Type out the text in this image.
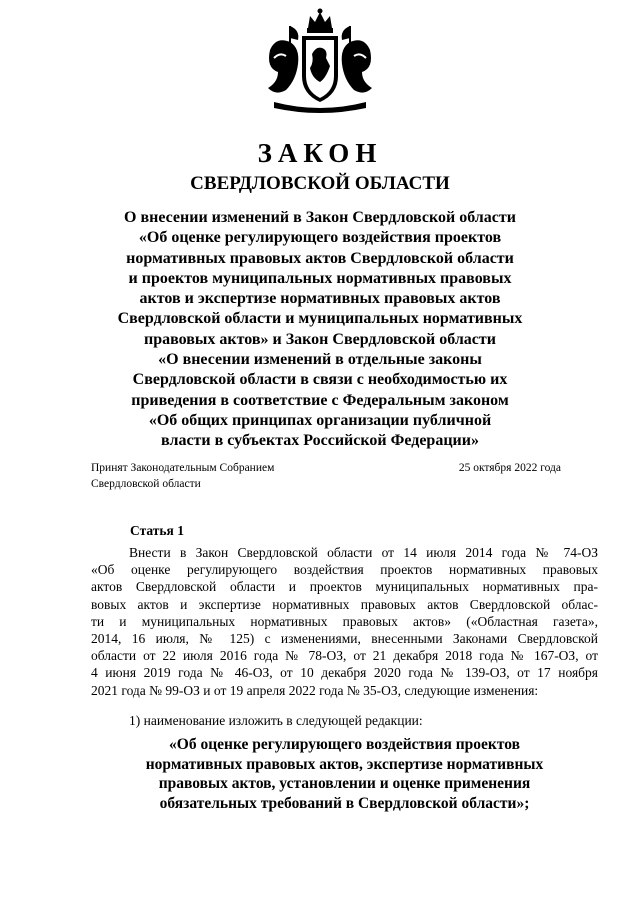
ЗАКОН
СВЕРДЛОВСКОЙ ОБЛАСТИ
О внесении изменений в Закон Свердловской области
«Об оценке регулирующего воздействия проектов
нормативных правовых актов Свердловской области
и проектов муниципальных нормативных правовых
актов и экспертизе нормативных правовых актов
Свердловской области и муниципальных нормативных
правовых актов» и Закон Свердловской области
«О внесении изменений в отдельные законы
Свердловской области в связи с необходимостью их
приведения в соответствие с Федеральным законом
«Об общих принципах организации публичной
власти в субъектах Российской Федерации»
Принят Законодательным Собранием
Свердловской области
25 октября 2022 года
Статья 1
Внести в Закон Свердловской области от 14 июля 2014 года № 74-ОЗ
«Об оценке регулирующего воздействия проектов нормативных правовых
актов Свердловской области и проектов муниципальных нормативных пра-
вовых актов и экспертизе нормативных правовых актов Свердловской облас-
ти и муниципальных нормативных правовых актов» («Областная газета»,
2014, 16 июля, № 125) с изменениями, внесенными Законами Свердловской
области от 22 июля 2016 года № 78-ОЗ, от 21 декабря 2018 года № 167-ОЗ, от
4 июня 2019 года № 46-ОЗ, от 10 декабря 2020 года № 139-ОЗ, от 17 ноября
2021 года № 99-ОЗ и от 19 апреля 2022 года № 35-ОЗ, следующие изменения:
1) наименование изложить в следующей редакции:
«Об оценке регулирующего воздействия проектов
нормативных правовых актов, экспертизе нормативных
правовых актов, установлении и оценке применения
обязательных требований в Свердловской области»;
